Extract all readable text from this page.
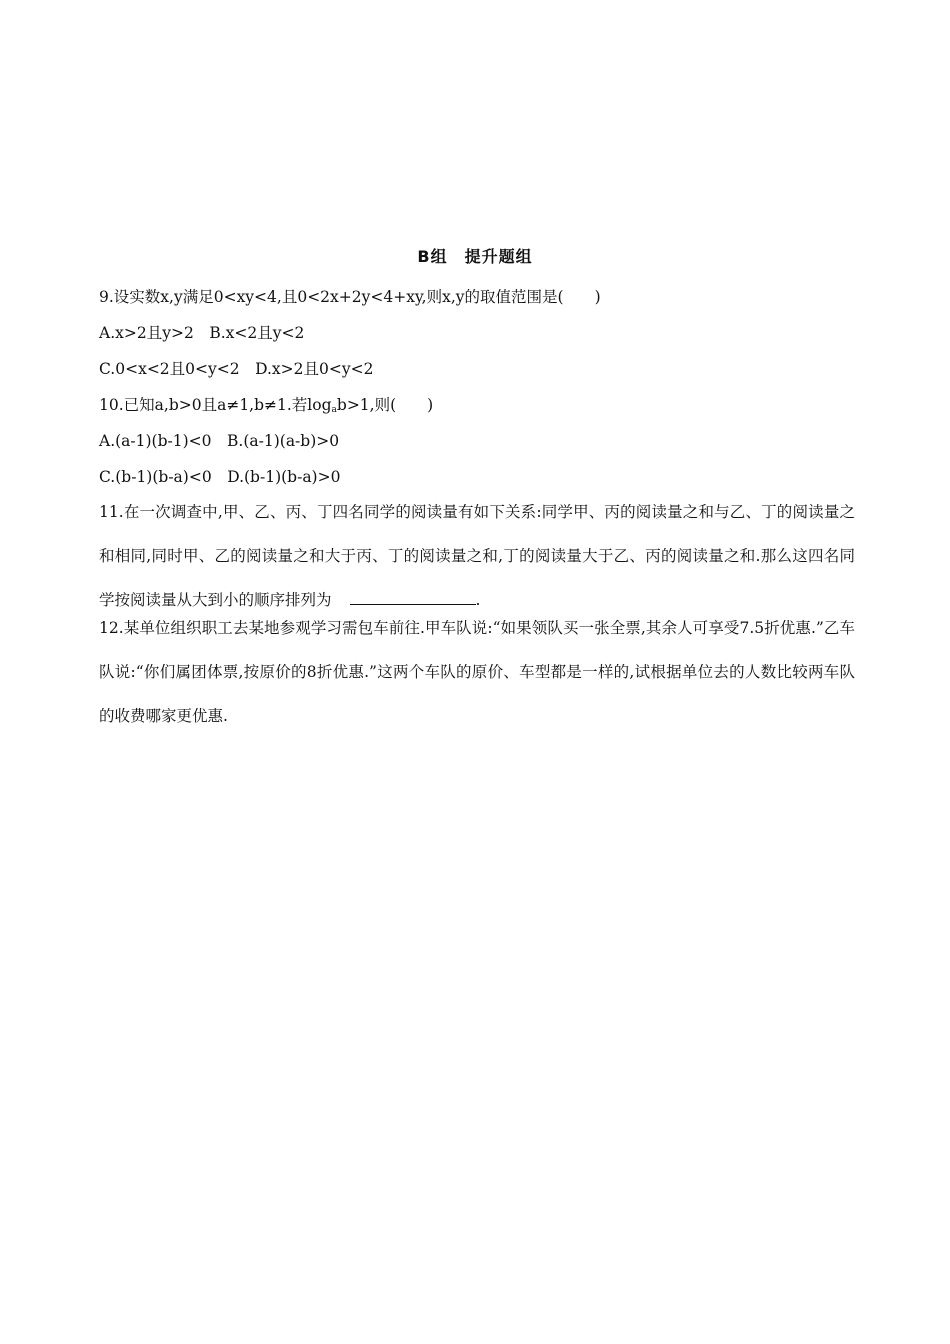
B组　提升题组
9.设实数x,y满足0<xy<4,且0<2x+2y<4+xy,则x,y的取值范围是(　　)
A.x>2且y>2　B.x<2且y<2
C.0<x<2且0<y<2　D.x>2且0<y<2
10.已知a,b>0且a≠1,b≠1.若$\log_ab>1$,则(　　)
A.(a-1)(b-1)<0　B.(a-1)(a-b)>0
C.(b-1)(b-a)<0　D.(b-1)(b-a)>0
11.在一次调查中,甲、乙、丙、丁四名同学的阅读量有如下关系:同学甲、丙的阅读量之和与乙、丁的阅读量之和相同,同时甲、乙的阅读量之和大于丙、丁的阅读量之和,丁的阅读量大于乙、丙的阅读量之和.那么这四名同学按阅读量从大到小的顺序排列为	.
12.某单位组织职工去某地参观学习需包车前往.甲车队说:“如果领队买一张全票,其余人可享受7.5折优惠.”乙车队说:“你们属团体票,按原价的8折优惠.”这两个车队的原价、车型都是一样的,试根据单位去的人数比较两车队的收费哪家更优惠.
